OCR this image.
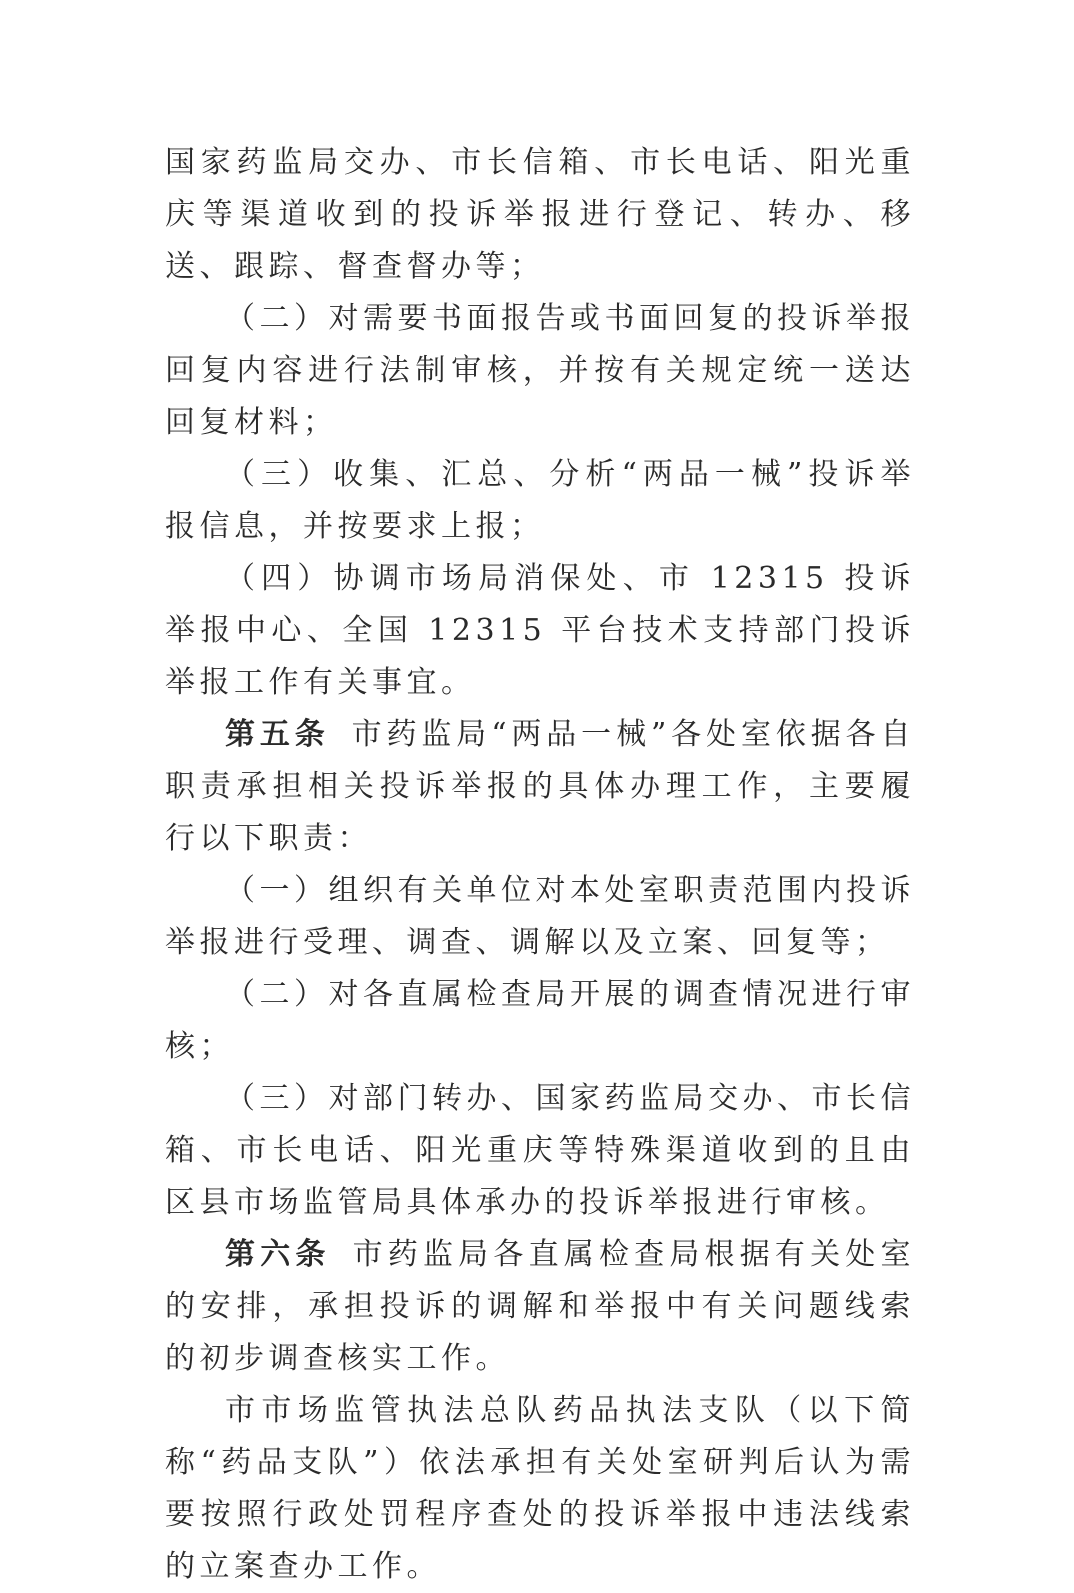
国家药监局交办、市长信箱、市长电话、阳光重庆等渠道收到的投诉举报进行登记、转办、移送、跟踪、督查督办等；

（二）对需要书面报告或书面回复的投诉举报回复内容进行法制审核，并按有关规定统一送达回复材料；

（三）收集、汇总、分析“两品一械”投诉举报信息，并按要求上报；

（四）协调市场局消保处、市 12315 投诉举报中心、全国 12315 平台技术支持部门投诉举报工作有关事宜。

第五条 市药监局“两品一械”各处室依据各自职责承担相关投诉举报的具体办理工作，主要履行以下职责：

（一）组织有关单位对本处室职责范围内投诉举报进行受理、调查、调解以及立案、回复等；

（二）对各直属检查局开展的调查情况进行审核；

（三）对部门转办、国家药监局交办、市长信箱、市长电话、阳光重庆等特殊渠道收到的且由区县市场监管局具体承办的投诉举报进行审核。

第六条 市药监局各直属检查局根据有关处室的安排，承担投诉的调解和举报中有关问题线索的初步调查核实工作。

市市场监管执法总队药品执法支队（以下简称“药品支队”）依法承担有关处室研判后认为需要按照行政处罚程序查处的投诉举报中违法线索的立案查办工作。
